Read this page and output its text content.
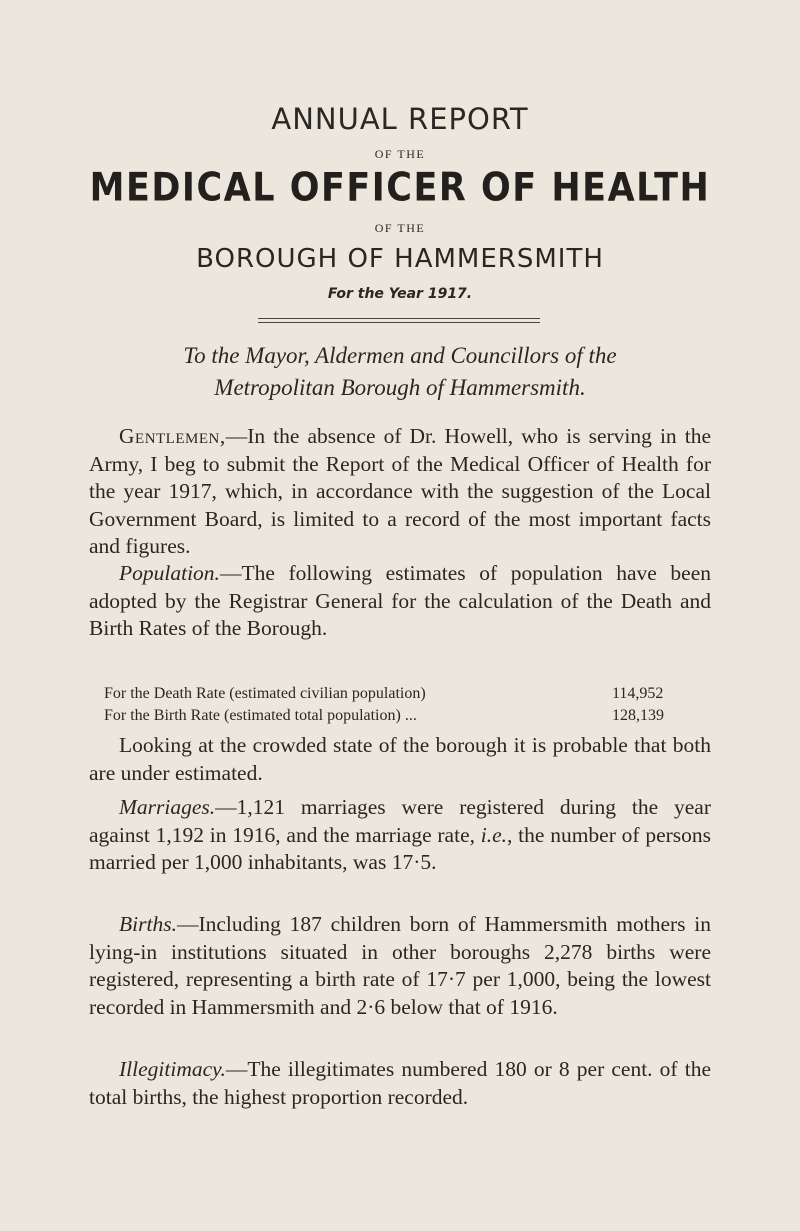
ANNUAL REPORT
OF THE
MEDICAL OFFICER OF HEALTH
OF THE
BOROUGH OF HAMMERSMITH
For the Year 1917.
To the Mayor, Aldermen and Councillors of the
Metropolitan Borough of Hammersmith.

Gentlemen,—In the absence of Dr. Howell, who is serving in the Army, I beg to submit the Report of the Medical Officer of Health for the year 1917, which, in accordance with the suggestion of the Local Government Board, is limited to a record of the most important facts and figures.

Population.—The following estimates of population have been adopted by the Registrar General for the calculation of the Death and Birth Rates of the Borough.

For the Death Rate (estimated civilian population)	114,952
For the Birth Rate (estimated total population) ...	128,139

Looking at the crowded state of the borough it is probable that both are under estimated.

Marriages.—1,121 marriages were registered during the year against 1,192 in 1916, and the marriage rate, i.e., the number of persons married per 1,000 inhabitants, was 17·5.

Births.—Including 187 children born of Hammersmith mothers in lying-in institutions situated in other boroughs 2,278 births were registered, representing a birth rate of 17·7 per 1,000, being the lowest recorded in Hammersmith and 2·6 below that of 1916.

Illegitimacy.—The illegitimates numbered 180 or 8 per cent. of the total births, the highest proportion recorded.
